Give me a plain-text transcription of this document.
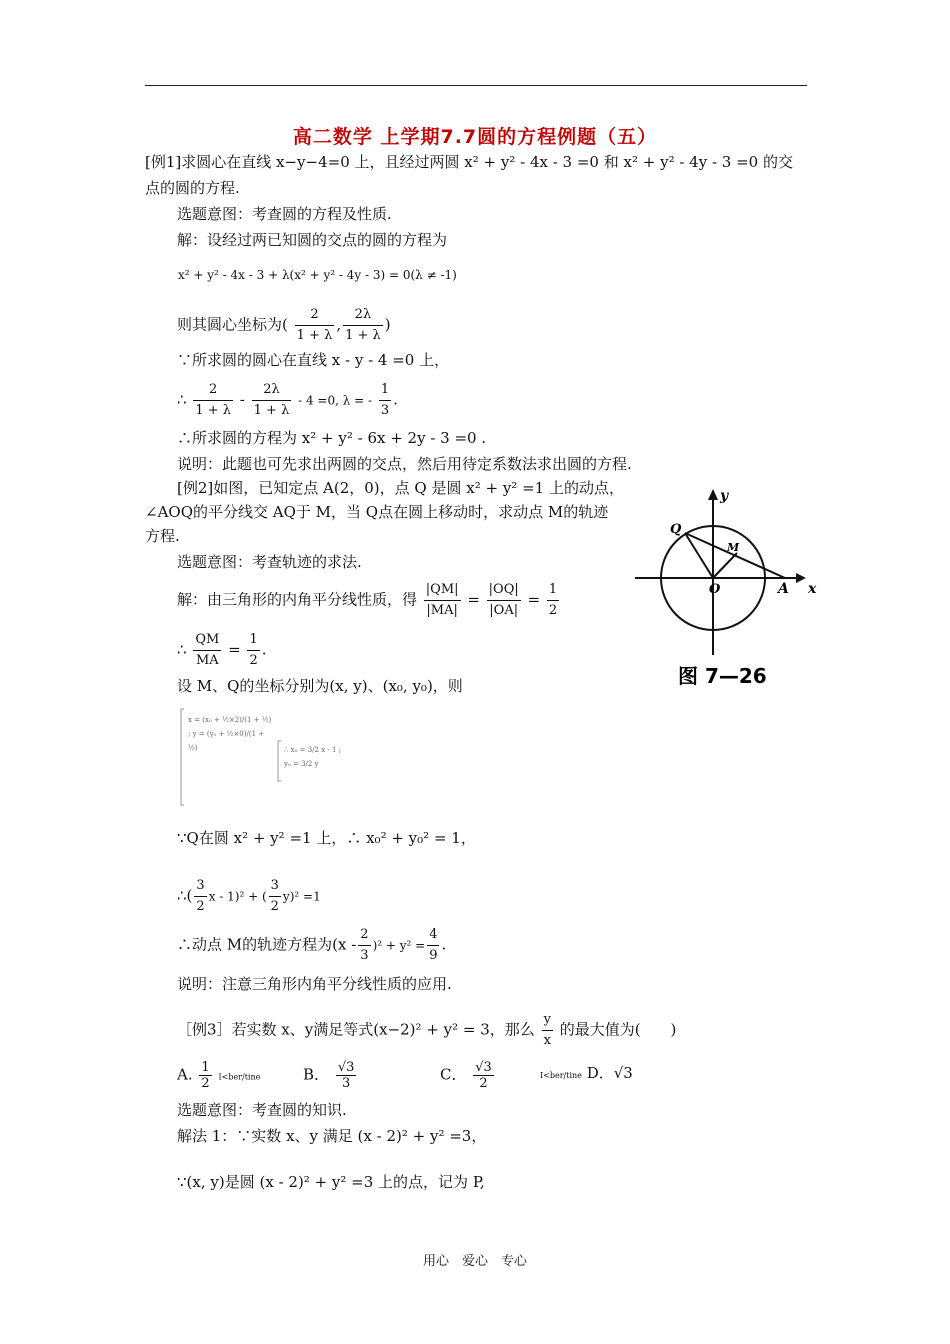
高二数学 上学期7.7圆的方程例题（五）
[例1]求圆心在直线 x−y−4=0 上，且经过两圆 x² + y² - 4x - 3 =0 和 x² + y² - 4y - 3 =0 的交
点的圆的方程.
选题意图：考查圆的方程及性质.
解：设经过两已知圆的交点的圆的方程为
x² + y² - 4x - 3 + λ(x² + y² - 4y - 3) = 0(λ ≠ -1)
则其圆心坐标为( $\frac{2}{1 + \lambda}$ , $\frac{2\lambda}{1 + \lambda}$ )
∵所求圆的圆心在直线 x - y - 4 =0 上，
∴ $\frac{2}{1 + \lambda} - \frac{2\lambda}{1 + \lambda} - 4 =0$, λ = - $\frac{1}{3}$ .
∴所求圆的方程为 x² + y² - 6x + 2y - 3 =0 .
说明：此题也可先求出两圆的交点，然后用待定系数法求出圆的方程.
[例2]如图，已知定点 A(2，0)，点 Q 是圆 x² + y² =1 上的动点，
∠AOQ的平分线交 AQ于 M，当 Q点在圆上移动时，求动点 M的轨迹
方程.
选题意图：考查轨迹的求法.
解：由三角形的内角平分线性质，得 $\frac{|QM|}{|MA|} = \frac{|OQ|}{|OA|} = \frac{1}{2}$
∴ $\frac{QM}{MA} = \frac{1}{2}$ .
设 M、Q的坐标分别为(x, y)、(x₀, y₀)，则
x = (x₀ + ½×2)/(1 + ½) ; y = (y₀ + ½×0)/(1 + ½)	∴ x₀ = 3/2 x - 1 ; y₀ = 3/2 y
∵Q在圆 x² + y² =1 上，∴ x₀² + y₀² = 1，
∴( $\frac{3}{2}$ x - 1)² + ( $\frac{3}{2} y)^2 =1$
∴动点 M的轨迹方程为$(x - \frac{2}{3} )^2 + y^2 = \frac{4}{9}$ .
说明：注意三角形内角平分线性质的应用.
y
x
Q
M
O	A
图 7—26
［例3］若实数 x、y满足等式(x−2)² + y² = 3，那么 $\frac{y}{x}$ 的最大值为(　　)
A. $\frac{1}{2}$ I<ber/tine	B． $\frac{√3}{3}$	C． $\frac{√3}{2}$	I<ber/tine D．√3
选题意图：考查圆的知识.
解法 1：∵实数 x、y 满足 (x - 2)² + y² =3，
∵(x, y)是圆 (x - 2)² + y² =3 上的点，记为 P,
用心　爱心　专心
